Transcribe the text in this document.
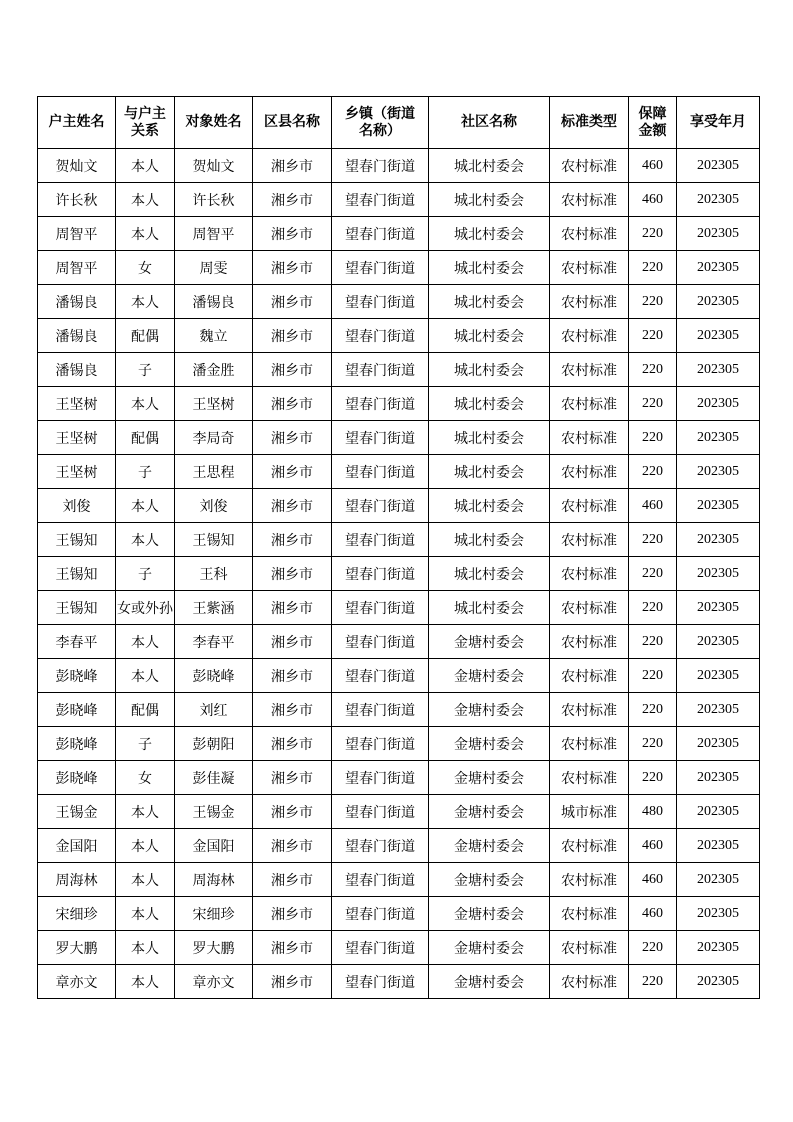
户主姓名	与户主关系	对象姓名	区县名称	乡镇（街道名称）	社区名称	标准类型	保障金额	享受年月
贺灿文	本人	贺灿文	湘乡市	望春门街道	城北村委会	农村标准	460	202305
许长秋	本人	许长秋	湘乡市	望春门街道	城北村委会	农村标准	460	202305
周智平	本人	周智平	湘乡市	望春门街道	城北村委会	农村标准	220	202305
周智平	女	周雯	湘乡市	望春门街道	城北村委会	农村标准	220	202305
潘锡良	本人	潘锡良	湘乡市	望春门街道	城北村委会	农村标准	220	202305
潘锡良	配偶	魏立	湘乡市	望春门街道	城北村委会	农村标准	220	202305
潘锡良	子	潘金胜	湘乡市	望春门街道	城北村委会	农村标准	220	202305
王坚树	本人	王坚树	湘乡市	望春门街道	城北村委会	农村标准	220	202305
王坚树	配偶	李局奇	湘乡市	望春门街道	城北村委会	农村标准	220	202305
王坚树	子	王思程	湘乡市	望春门街道	城北村委会	农村标准	220	202305
刘俊	本人	刘俊	湘乡市	望春门街道	城北村委会	农村标准	460	202305
王锡知	本人	王锡知	湘乡市	望春门街道	城北村委会	农村标准	220	202305
王锡知	子	王科	湘乡市	望春门街道	城北村委会	农村标准	220	202305
王锡知	女或外孙	王紫涵	湘乡市	望春门街道	城北村委会	农村标准	220	202305
李春平	本人	李春平	湘乡市	望春门街道	金塘村委会	农村标准	220	202305
彭晓峰	本人	彭晓峰	湘乡市	望春门街道	金塘村委会	农村标准	220	202305
彭晓峰	配偶	刘红	湘乡市	望春门街道	金塘村委会	农村标准	220	202305
彭晓峰	子	彭朝阳	湘乡市	望春门街道	金塘村委会	农村标准	220	202305
彭晓峰	女	彭佳凝	湘乡市	望春门街道	金塘村委会	农村标准	220	202305
王锡金	本人	王锡金	湘乡市	望春门街道	金塘村委会	城市标准	480	202305
金国阳	本人	金国阳	湘乡市	望春门街道	金塘村委会	农村标准	460	202305
周海林	本人	周海林	湘乡市	望春门街道	金塘村委会	农村标准	460	202305
宋细珍	本人	宋细珍	湘乡市	望春门街道	金塘村委会	农村标准	460	202305
罗大鹏	本人	罗大鹏	湘乡市	望春门街道	金塘村委会	农村标准	220	202305
章亦文	本人	章亦文	湘乡市	望春门街道	金塘村委会	农村标准	220	202305
